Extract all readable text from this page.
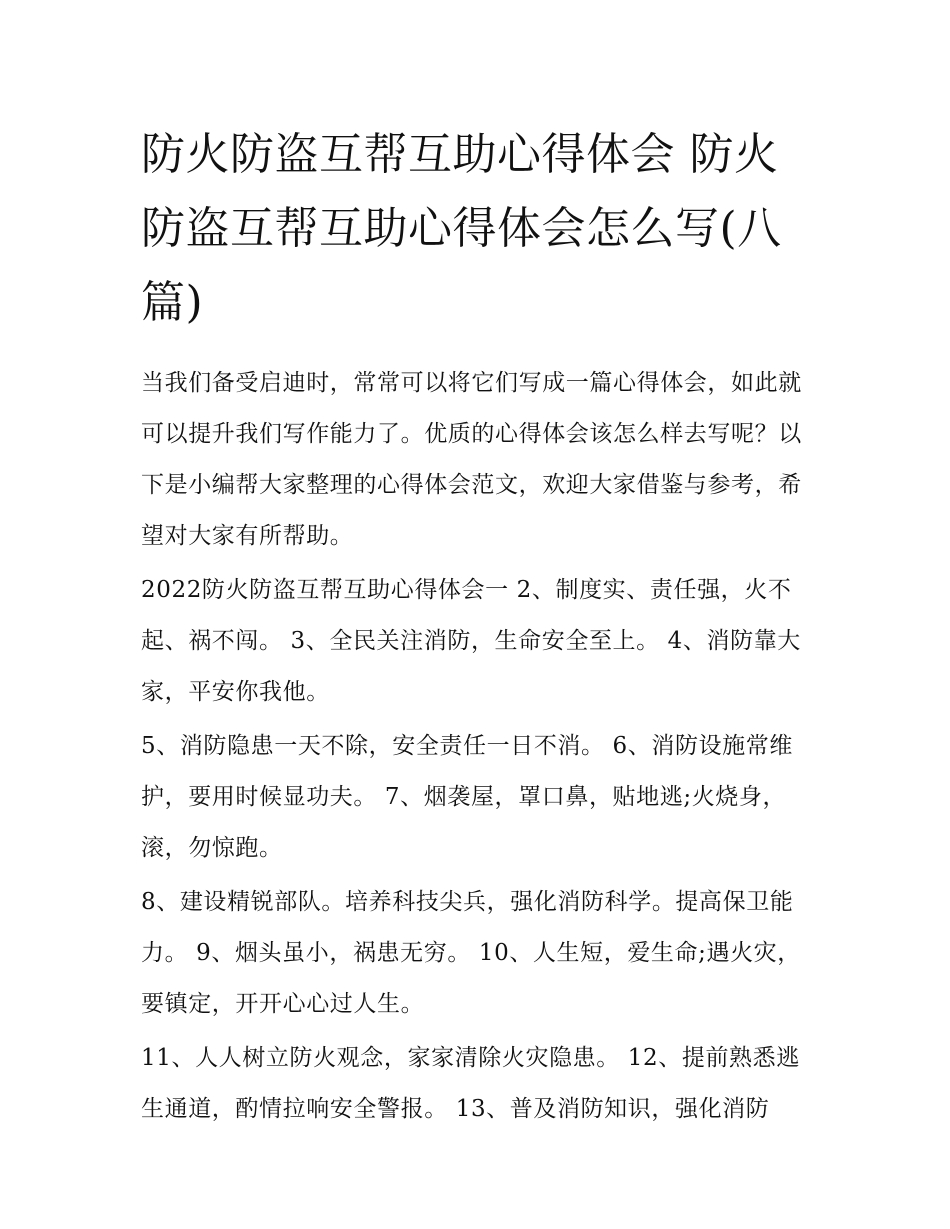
防火防盗互帮互助心得体会 防火防盗互帮互助心得体会怎么写(八篇)

当我们备受启迪时，常常可以将它们写成一篇心得体会，如此就可以提升我们写作能力了。优质的心得体会该怎么样去写呢？以下是小编帮大家整理的心得体会范文，欢迎大家借鉴与参考，希望对大家有所帮助。

2022防火防盗互帮互助心得体会一 2、制度实、责任强，火不起、祸不闯。 3、全民关注消防，生命安全至上。 4、消防靠大家，平安你我他。

5、消防隐患一天不除，安全责任一日不消。 6、消防设施常维护，要用时候显功夫。 7、烟袭屋，罩口鼻，贴地逃;火烧身，滚，勿惊跑。

8、建设精锐部队。培养科技尖兵，强化消防科学。提高保卫能力。 9、烟头虽小，祸患无穷。 10、人生短，爱生命;遇火灾，要镇定，开开心心过人生。

11、人人树立防火观念，家家清除火灾隐患。 12、提前熟悉逃生通道，酌情拉响安全警报。 13、普及消防知识，强化消防
